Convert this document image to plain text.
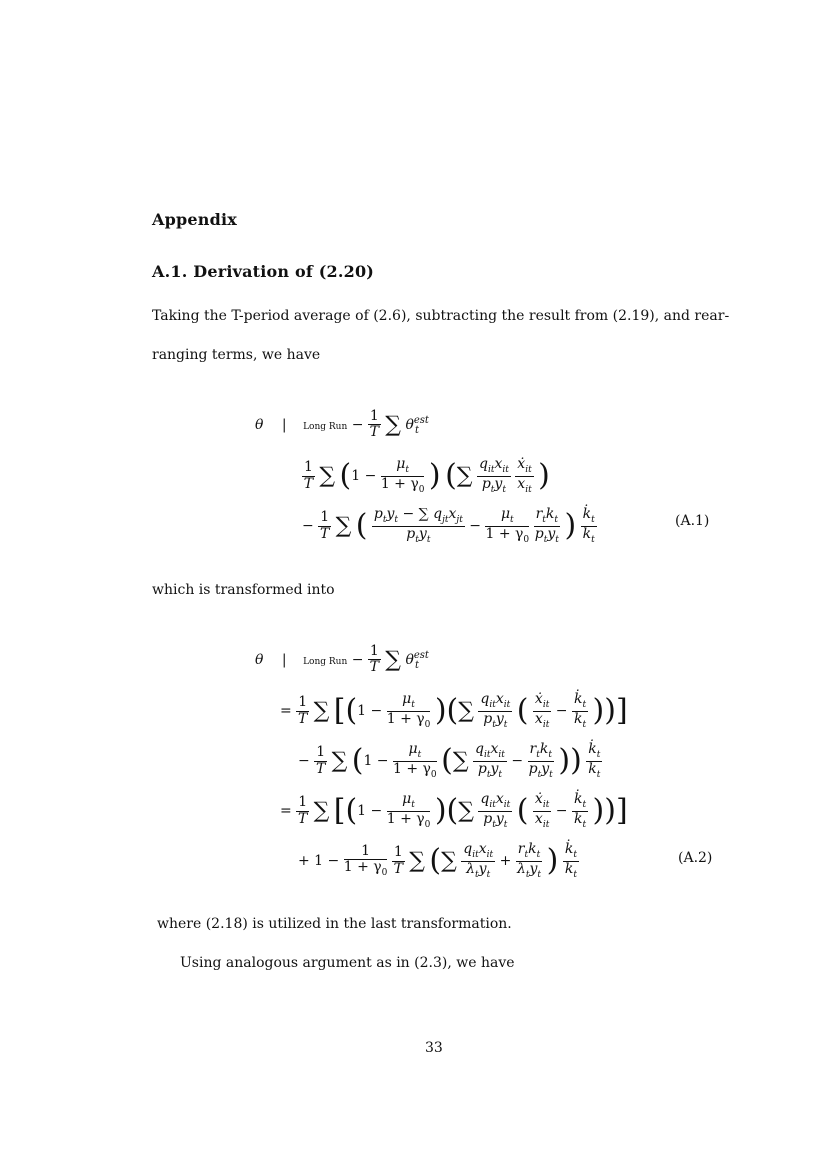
Appendix
A.1. Derivation of (2.20)
Taking the T-period average of (2.6), subtracting the result from (2.19), and rear-
ranging terms, we have
θ | Long Run − $\frac{1}{T}$ ∑ $\theta^{est}_t$
$\frac{1}{T}$ ∑ ($1 - \frac{\mu_t}{1 + \gamma_0}$ ) (∑ $\frac{q_{it}x_{it}}{p_ty_t}$
$\frac{ẋ_{it}}{x_{it}}$ )
− $\frac{1}{T}$ ∑ ( $\frac{p_ty_t - \sum q_{jt}x_{jt}}{p_ty_t} - \frac{\mu_t}{1 + \gamma_0}$
$\frac{r_tk_t}{p_ty_t}$ ) $\frac{k̇_t}{k_t}$	(A.1)
which is transformed into
θ | Long Run − $\frac{1}{T}$ ∑ $\theta^{est}_t$
= $\frac{1}{T}$ ∑ [($1 - \frac{\mu_t}{1 + \gamma_0}$ )(∑ $\frac{q_{it}x_{it}}{p_ty_t}$ ( $\frac{ẋ_{it}}{x_{it}} - \frac{k̇_t}{k_t}$ ))]
− $\frac{1}{T}$ ∑ ($1 - \frac{\mu_t}{1 + \gamma_0}$ (∑ $\frac{q_{it}x_{it}}{p_ty_t} - \frac{r_tk_t}{p_ty_t}$ )) $\frac{k̇_t}{k_t}$
= $\frac{1}{T}$ ∑ [($1 - \frac{\mu_t}{1 + \gamma_0}$ )(∑ $\frac{q_{it}x_{it}}{p_ty_t}$ ( $\frac{ẋ_{it}}{x_{it}} - \frac{k̇_t}{k_t}$ ))]
+ $1 - \frac{1}{1 + \gamma_0}$
$\frac{1}{T}$ ∑ (∑ $\frac{q_{it}x_{it}}{\lambda_ty_t} + \frac{r_tk_t}{\lambda_ty_t}$ ) $\frac{k̇_t}{k_t}$	(A.2)
where (2.18) is utilized in the last transformation.
Using analogous argument as in (2.3), we have
33
